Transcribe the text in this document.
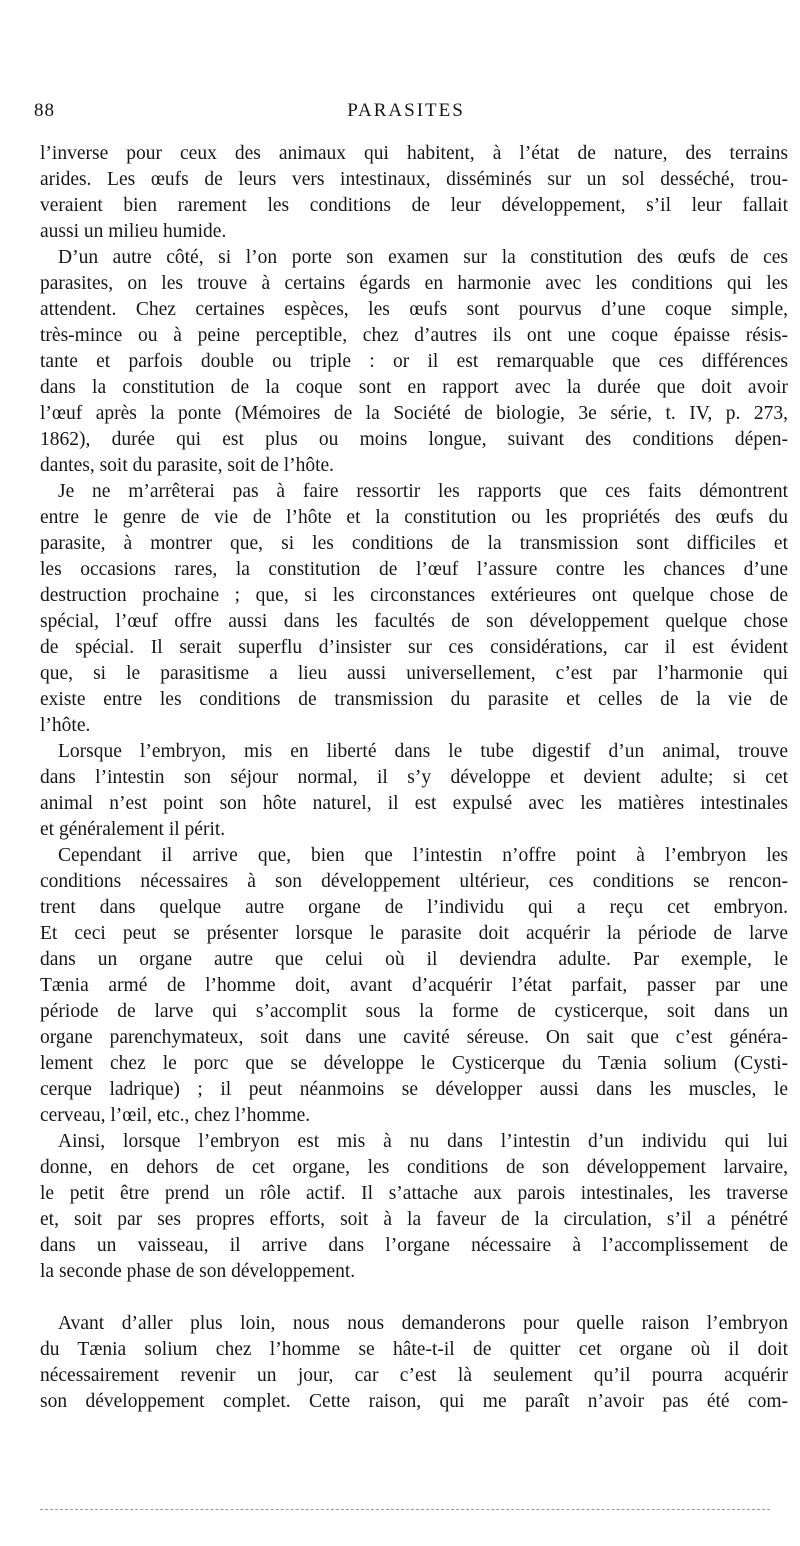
88	PARASITES
l’inverse pour ceux des animaux qui habitent, à l’état de nature, des terrains
arides. Les œufs de leurs vers intestinaux, disséminés sur un sol desséché, trou-
veraient bien rarement les conditions de leur développement, s’il leur fallait
aussi un milieu humide.
D’un autre côté, si l’on porte son examen sur la constitution des œufs de ces
parasites, on les trouve à certains égards en harmonie avec les conditions qui les
attendent. Chez certaines espèces, les œufs sont pourvus d’une coque simple,
très-mince ou à peine perceptible, chez d’autres ils ont une coque épaisse résis-
tante et parfois double ou triple : or il est remarquable que ces différences
dans la constitution de la coque sont en rapport avec la durée que doit avoir
l’œuf après la ponte (Mémoires de la Société de biologie, 3e série, t. IV, p. 273,
1862), durée qui est plus ou moins longue, suivant des conditions dépen-
dantes, soit du parasite, soit de l’hôte.
Je ne m’arrêterai pas à faire ressortir les rapports que ces faits démontrent
entre le genre de vie de l’hôte et la constitution ou les propriétés des œufs du
parasite, à montrer que, si les conditions de la transmission sont difficiles et
les occasions rares, la constitution de l’œuf l’assure contre les chances d’une
destruction prochaine ; que, si les circonstances extérieures ont quelque chose de
spécial, l’œuf offre aussi dans les facultés de son développement quelque chose
de spécial. Il serait superflu d’insister sur ces considérations, car il est évident
que, si le parasitisme a lieu aussi universellement, c’est par l’harmonie qui
existe entre les conditions de transmission du parasite et celles de la vie de
l’hôte.
Lorsque l’embryon, mis en liberté dans le tube digestif d’un animal, trouve
dans l’intestin son séjour normal, il s’y développe et devient adulte; si cet
animal n’est point son hôte naturel, il est expulsé avec les matières intestinales
et généralement il périt.
Cependant il arrive que, bien que l’intestin n’offre point à l’embryon les
conditions nécessaires à son développement ultérieur, ces conditions se rencon-
trent dans quelque autre organe de l’individu qui a reçu cet embryon.
Et ceci peut se présenter lorsque le parasite doit acquérir la période de larve
dans un organe autre que celui où il deviendra adulte. Par exemple, le
Tænia armé de l’homme doit, avant d’acquérir l’état parfait, passer par une
période de larve qui s’accomplit sous la forme de cysticerque, soit dans un
organe parenchymateux, soit dans une cavité séreuse. On sait que c’est généra-
lement chez le porc que se développe le Cysticerque du Tænia solium (Cysti-
cerque ladrique) ; il peut néanmoins se développer aussi dans les muscles, le
cerveau, l’œil, etc., chez l’homme.
Ainsi, lorsque l’embryon est mis à nu dans l’intestin d’un individu qui lui
donne, en dehors de cet organe, les conditions de son développement larvaire,
le petit être prend un rôle actif. Il s’attache aux parois intestinales, les traverse
et, soit par ses propres efforts, soit à la faveur de la circulation, s’il a pénétré
dans un vaisseau, il arrive dans l’organe nécessaire à l’accomplissement de
la seconde phase de son développement.
Avant d’aller plus loin, nous nous demanderons pour quelle raison l’embryon
du Tænia solium chez l’homme se hâte-t-il de quitter cet organe où il doit
nécessairement revenir un jour, car c’est là seulement qu’il pourra acquérir
son développement complet. Cette raison, qui me paraît n’avoir pas été com-
